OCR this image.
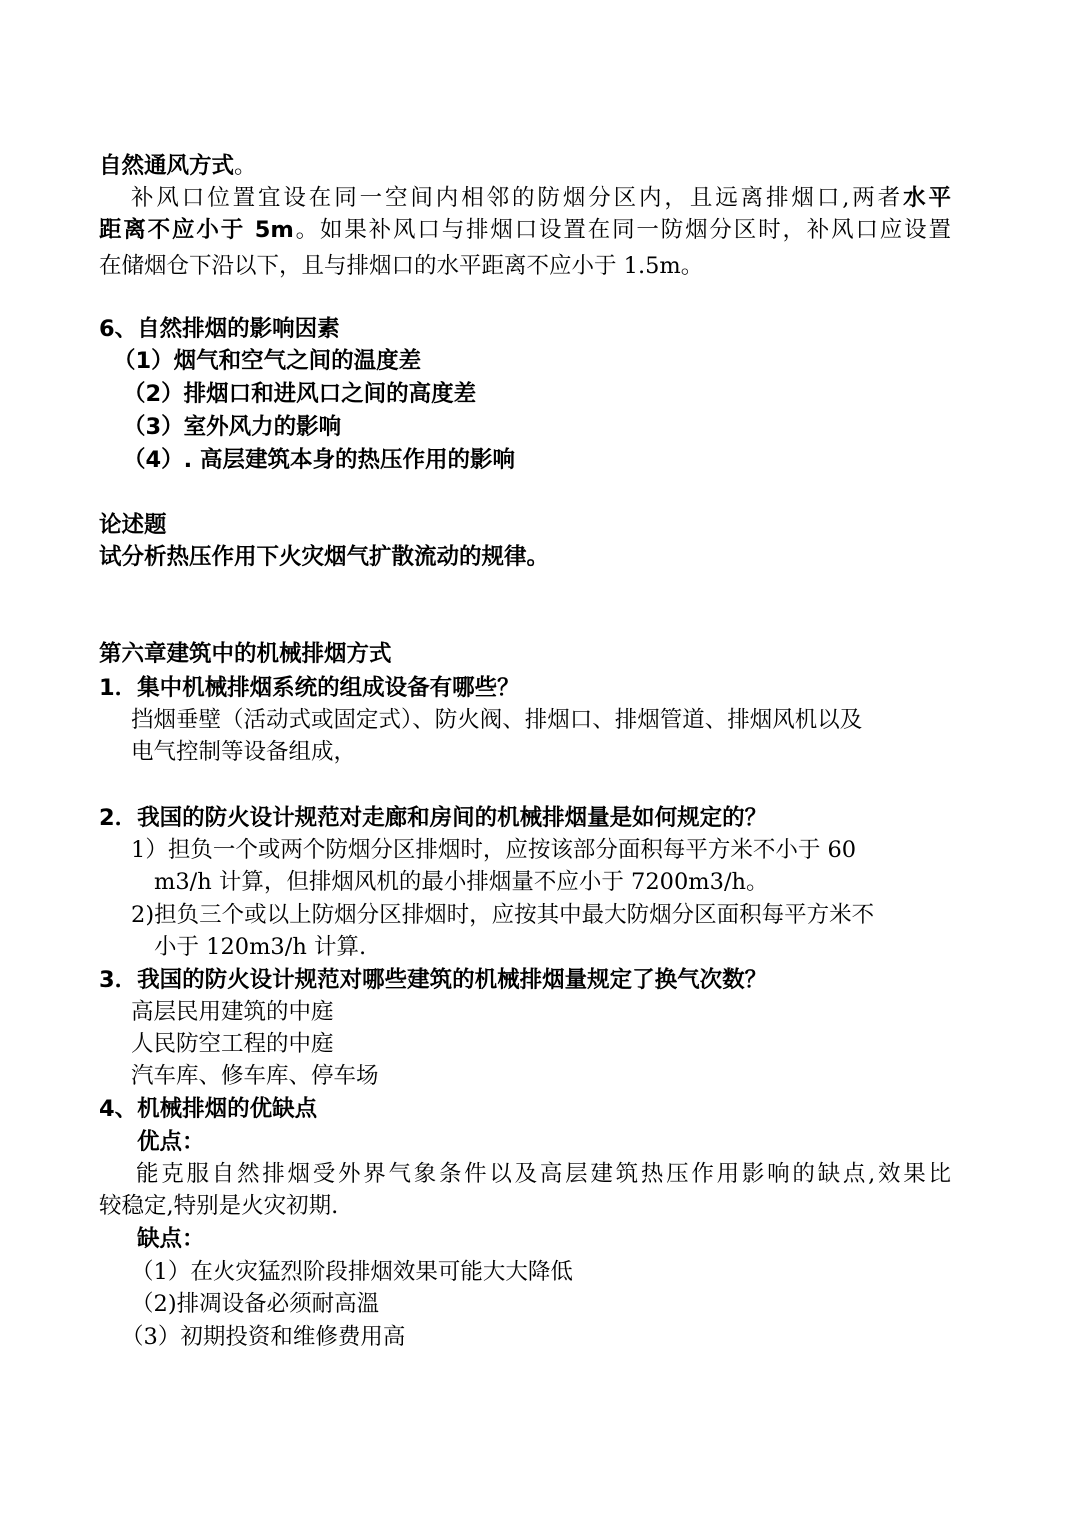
自然通风方式。
补风口位置宜设在同一空间内相邻的防烟分区内，且远离排烟口,两者水平
距离不应小于 5m。如果补风口与排烟口设置在同一防烟分区时，补风口应设置
在储烟仓下沿以下，且与排烟口的水平距离不应小于 1.5m。
6、自然排烟的影响因素
（1）烟气和空气之间的温度差
（2）排烟口和进风口之间的高度差
（3）室外风力的影响
（4）. 高层建筑本身的热压作用的影响
论述题
试分析热压作用下火灾烟气扩散流动的规律。
第六章建筑中的机械排烟方式
1．集中机械排烟系统的组成设备有哪些？
挡烟垂壁（活动式或固定式）、防火阀、排烟口、排烟管道、排烟风机以及
电气控制等设备组成，
2．我国的防火设计规范对走廊和房间的机械排烟量是如何规定的？
1）担负一个或两个防烟分区排烟时，应按该部分面积每平方米不小于 60
m3/h 计算，但排烟风机的最小排烟量不应小于 7200m3/h。
2)担负三个或以上防烟分区排烟时，应按其中最大防烟分区面积每平方米不
小于 120m3/h 计算.
3．我国的防火设计规范对哪些建筑的机械排烟量规定了换气次数？
高层民用建筑的中庭
人民防空工程的中庭
汽车库、修车库、停车场
4、机械排烟的优缺点
优点：
能克服自然排烟受外界气象条件以及高层建筑热压作用影响的缺点,效果比
较稳定,特别是火灾初期.
缺点：
（1）在火灾猛烈阶段排烟效果可能大大降低
（2)排凋设备必须耐高溫
（3）初期投资和维修费用高
